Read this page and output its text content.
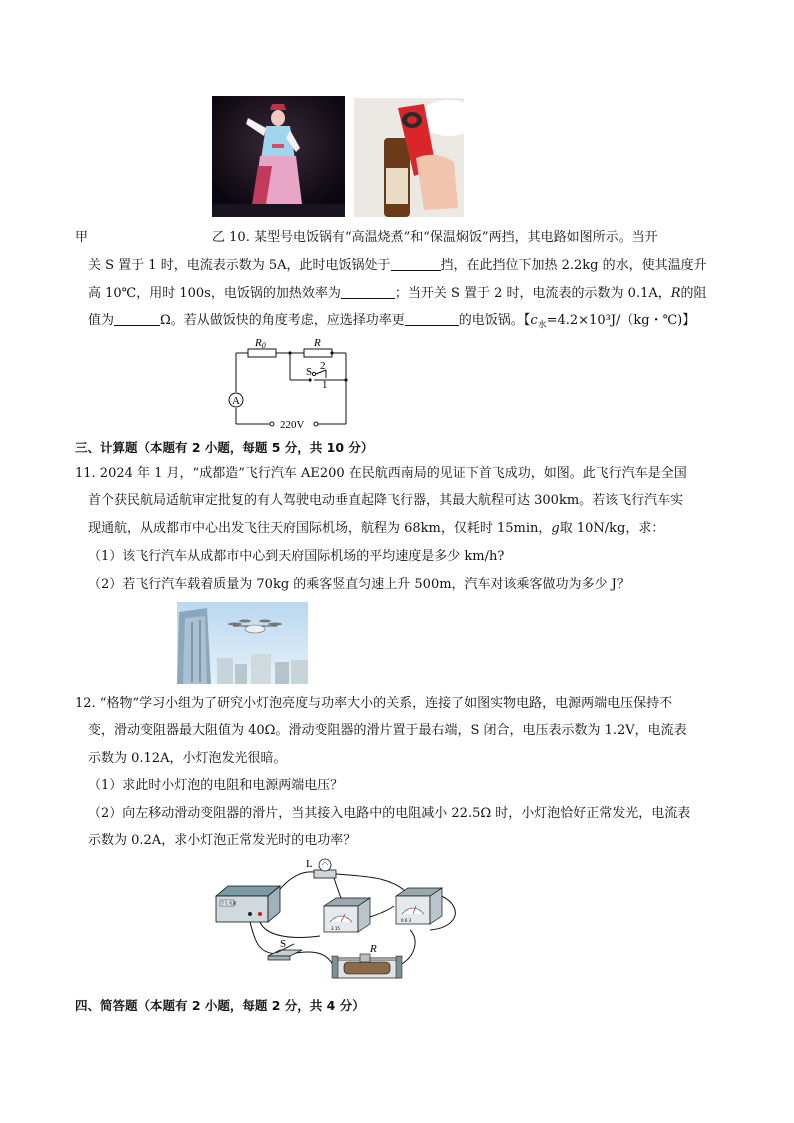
甲	乙 10. 某型号电饭锅有“高温烧煮”和“保温焖饭”两挡，其电路如图所示。当开
关 S 置于 1 时，电流表示数为 5A，此时电饭锅处于	挡，在此挡位下加热 2.2kg 的水，使其温度升
高 10℃，用时 100s，电饭锅的加热效率为	；当开关 S 置于 2 时，电流表的示数为 0.1A，R的阻
值为	Ω。若从做饭快的角度考虑，应选择功率更	的电饭锅。【$c_水=4.2\times 10^3J/(kg$・℃)】
R0	R
S 2
1
A
220V
三、计算题（本题有 2 小题，每题 5 分，共 10 分）
11. 2024 年 1 月，“成都造”飞行汽车 AE200 在民航西南局的见证下首飞成功，如图。此飞行汽车是全国
首个获民航局适航审定批复的有人驾驶电动垂直起降飞行器，其最大航程可达 300km。若该飞行汽车实
现通航，从成都市中心出发飞往天府国际机场，航程为 68km，仅耗时 15min，g取 10N/kg，求：
（1）该飞行汽车从成都市中心到天府国际机场的平均速度是多少 km/h?
（2）若飞行汽车载着质量为 70kg 的乘客竖直匀速上升 500m，汽车对该乘客做功为多少 J？
12. “格物”学习小组为了研究小灯泡亮度与功率大小的关系，连接了如图实物电路，电源两端电压保持不
变，滑动变阻器最大阻值为 40Ω。滑动变阻器的滑片置于最右端，S 闭合，电压表示数为 1.2V，电流表
示数为 0.12A，小灯泡发光很暗。
（1）求此时小灯泡的电阻和电源两端电压？
（2）向左移动滑动变阻器的滑片，当其接入电路中的电阻减小 22.5Ω 时，小灯泡恰好正常发光，电流表
示数为 0.2A，求小灯泡正常发光时的电功率？
学生电源
L
3 15
0.6 3
S	R
四、简答题（本题有 2 小题，每题 2 分，共 4 分）
